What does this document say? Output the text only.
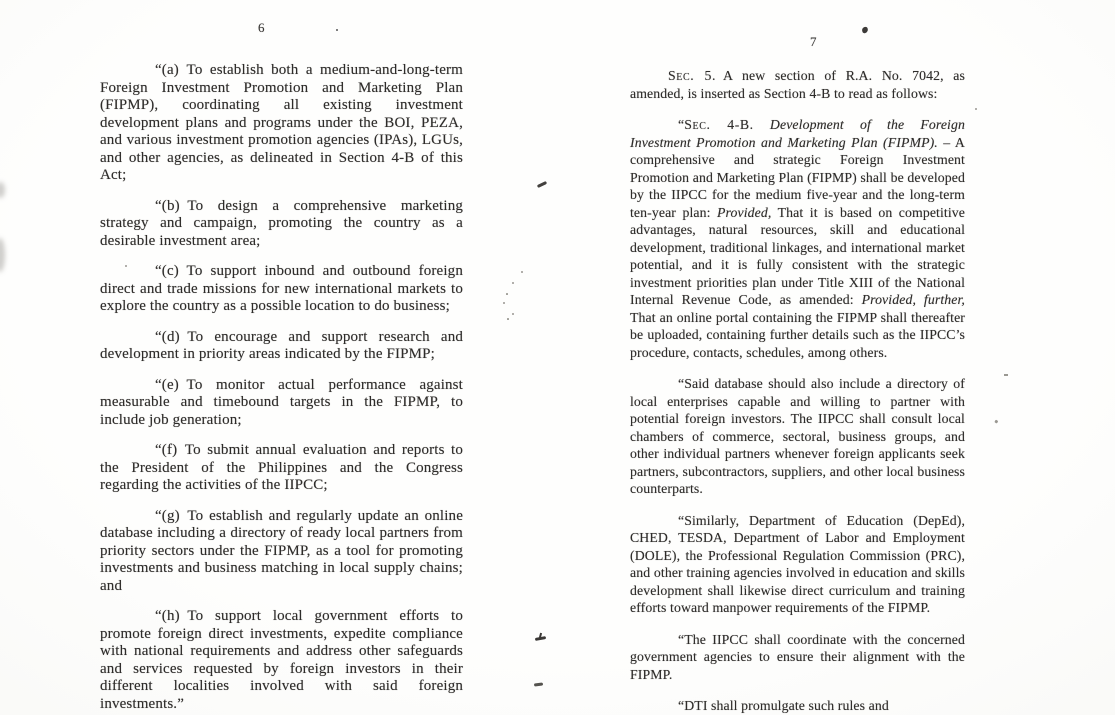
6

“(a) To establish both a medium-and-long-term Foreign Investment Promotion and Marketing Plan (FIPMP), coordinating all existing investment development plans and programs under the BOI, PEZA, and various investment promotion agencies (IPAs), LGUs, and other agencies, as delineated in Section 4-B of this Act;

“(b) To design a comprehensive marketing strategy and campaign, promoting the country as a desirable investment area;

“(c) To support inbound and outbound foreign direct and trade missions for new international markets to explore the country as a possible location to do business;

“(d) To encourage and support research and development in priority areas indicated by the FIPMP;

“(e) To monitor actual performance against measurable and timebound targets in the FIPMP, to include job generation;

“(f) To submit annual evaluation and reports to the President of the Philippines and the Congress regarding the activities of the IIPCC;

“(g) To establish and regularly update an online database including a directory of ready local partners from priority sectors under the FIPMP, as a tool for promoting investments and business matching in local supply chains; and

“(h) To support local government efforts to promote foreign direct investments, expedite compliance with national requirements and address other safeguards and services requested by foreign investors in their different localities involved with said foreign investments.”

7

Sec. 5. A new section of R.A. No. 7042, as amended, is inserted as Section 4-B to read as follows:

“Sec. 4-B. Development of the Foreign Investment Promotion and Marketing Plan (FIPMP). – A comprehensive and strategic Foreign Investment Promotion and Marketing Plan (FIPMP) shall be developed by the IIPCC for the medium five-year and the long-term ten-year plan: Provided, That it is based on competitive advantages, natural resources, skill and educational development, traditional linkages, and international market potential, and it is fully consistent with the strategic investment priorities plan under Title XIII of the National Internal Revenue Code, as amended: Provided, further, That an online portal containing the FIPMP shall thereafter be uploaded, containing further details such as the IIPCC’s procedure, contacts, schedules, among others.

“Said database should also include a directory of local enterprises capable and willing to partner with potential foreign investors. The IIPCC shall consult local chambers of commerce, sectoral, business groups, and other individual partners whenever foreign applicants seek partners, subcontractors, suppliers, and other local business counterparts.

“Similarly, Department of Education (DepEd), CHED, TESDA, Department of Labor and Employment (DOLE), the Professional Regulation Commission (PRC), and other training agencies involved in education and skills development shall likewise direct curriculum and training efforts toward manpower requirements of the FIPMP.

“The IIPCC shall coordinate with the concerned government agencies to ensure their alignment with the FIPMP.

“DTI shall promulgate such rules and
